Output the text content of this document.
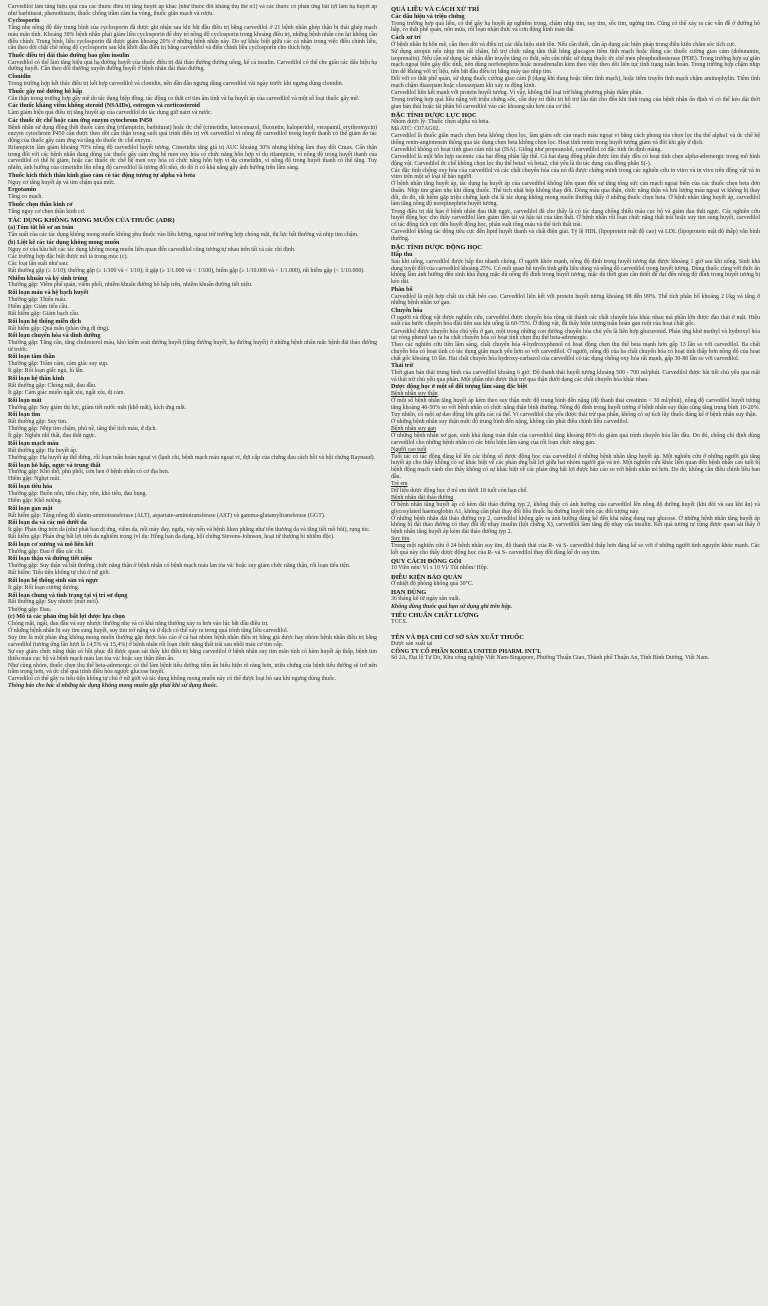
Carvedilol làm tăng hiệu quả của các thuốc điều trị tăng huyết áp khác (như thuốc đối kháng thụ thể α1) và các thuốc có phản ứng bất lợi làm hạ huyết áp như barbiturat, phenothiazin, thuốc chống trầm cảm ba vòng, thuốc giãn mạch và rượu.

Cyclosporin

Tăng nhẹ nồng độ đáy trung bình của cyclosporin đã được ghi nhận sau khi bắt đầu điều trị bằng carvedilol ở 21 bệnh nhân ghép thận bị thải ghép mạch máu mãn tính. Khoảng 30% bệnh nhân phải giảm liều cyclosporin để duy trì nồng độ cyclosporin trong khoảng điều trị, những bệnh nhân còn lại không cần điều chỉnh. Trung bình, liều cyclosporin đã được giảm khoảng 20% ở những bệnh nhân này. Do sự khác biệt giữa các cá nhân trong việc điều chỉnh liều, cần theo dõi chặt chẽ nồng độ cyclosporin sau khi khởi đầu điều trị bằng carvedilol và điều chỉnh liều cyclosporin cho thích hợp.

Thuốc điều trị đái tháo đường bao gồm insulin

Carvedilol có thể làm tăng hiệu quả hạ đường huyết của thuốc điều trị đái tháo đường đường uống, kể cả insulin. Carvedilol có thể che giấu các dấu hiệu hạ đường huyết. Cần theo dõi thường xuyên đường huyết ở bệnh nhân đái tháo đường.

Clonidin

Trong trường hợp kết thúc điều trị kết hợp carvedilol và clonidin, nên dần dần ngưng dùng carvedilol vài ngày trước khi ngưng dùng clonidin.

Thuốc gây mê đường hô hấp

Cẩn thận trong trường hợp gây mê do tác dụng hiệp đồng, tác động co thắt cơ tim âm tính và hạ huyết áp của carvedilol và một số loại thuốc gây mê.

Các thuốc kháng viêm không steroid (NSAIDs), estrogen và corticosteroid

Làm giảm hiệu quả điều trị tăng huyết áp của carvedilol do tác dụng giữ natri và nước.

Các thuốc ức chế hoặc cảm ứng enzym cytochrom P450

Bệnh nhân sử dụng đồng thời thuốc cảm ứng (rifampicin, barbiturat) hoặc ức chế (cimetidin, ketoconazol, fluoxetin, haloperidol, verapamil, erythromycin) enzym cytochrom P450 cần được theo dõi cẩn thận trong suốt quá trình điều trị với carvedilol vì nồng độ carvedilol trong huyết thanh có thể giảm do tác động của thuốc gây cảm ứng và tăng do thuốc ức chế enzym.

Rifampicin làm giảm khoảng 70% nồng độ carvedilol huyết tương. Cimetidin tăng giá trị AUC khoảng 30% nhưng không làm thay đổi Cmax. Cẩn thận trong đối với các bệnh nhân đang dùng các thuốc gây cảm ứng hệ men oxy hóa có chức năng hỗn hợp ví dụ rifampicin, vì nồng độ trong huyết thanh của carvedilol có thể bị giảm, hoặc các thuốc ức chế hệ men oxy hóa có chức năng hỗn hợp ví dụ cimetidin, vì nồng độ trong huyết thanh có thể tăng. Tuy nhiên, ảnh hưởng của cimetidin lên nồng độ carvedilol là tương đối nhỏ, do đó ít có khả năng gây ảnh hưởng trên lâm sàng.

Thuốc kích thích thần kinh giao cảm có tác động tương tự alpha và beta

Nguy cơ tăng huyết áp và tim chậm quá mức.

Ergotamin

Tăng co mạch.

Thuốc chẹn thần kinh cơ

Tăng nguy cơ chẹn thần kinh cơ.

TÁC DỤNG KHÔNG MONG MUỐN CỦA THUỐC (ADR)
(a) Tóm tắt hồ sơ an toàn

Tần suất của các tác dụng không mong muốn không phụ thuộc vào liều lượng, ngoại trừ trường hợp chóng mặt, thị lực bất thường và nhịp tim chậm.

(b) Liệt kê các tác dụng không mong muốn

Nguy cơ của hầu hết các tác dụng không mong muốn liên quan đến carvedilol cũng tương tự nhau trên tất cả các chỉ định.

Các trường hợp đặc biệt được mô tả trong mục (c).

Các loại tần suất như sau:

Rất thường gặp (≥ 1/10); thường gặp (≥ 1/100 và < 1/10); ít gặp (≥ 1/1.000 và < 1/100), hiếm gặp (≥ 1/10.000 và < 1/1.000), rất hiếm gặp (< 1/10.000).

Nhiễm khuẩn và ký sinh trùng

Thường gặp: Viêm phế quản, viêm phổi, nhiễm khuẩn đường hô hấp trên, nhiễm khuẩn đường tiết niệu.

Rối loạn máu và hệ bạch huyết

Thường gặp: Thiếu máu.

Hiếm gặp: Giảm tiểu cầu.

Rất hiếm gặp: Giảm bạch cầu.

Rối loạn hệ thống miễn dịch

Rất hiếm gặp: Quá mẫn (phản ứng dị ứng).

Rối loạn chuyển hóa và dinh dưỡng

Thường gặp: Tăng cân, tăng cholesterol máu, khó kiểm soát đường huyết (tăng đường huyết, hạ đường huyết) ở những bệnh nhân mắc bệnh đái tháo đường từ trước.

Rối loạn tâm thần

Thường gặp: Trầm cảm, cảm giác suy sụp.

Ít gặp: Rối loạn giấc ngủ, lú lẫn.

Rối loạn hệ thần kinh

Rất thường gặp: Chóng mặt, đau đầu.

Ít gặp: Cảm giác muốn ngất xỉu, ngất xỉu, dị cảm.

Rối loạn mắt

Thường gặp: Suy giảm thị lực, giảm tiết nước mắt (khô mắt), kích ứng mắt.

Rối loạn tim

Rất thường gặp: Suy tim.

Thường gặp: Nhịp tim chậm, phù nề, tăng thể tích máu, ứ dịch.

Ít gặp: Nghẽn nhĩ thất, đau thắt ngực.

Rối loạn mạch máu

Rất thường gặp: Hạ huyết áp.

Thường gặp: Hạ huyết áp thế đứng, rối loạn tuần hoàn ngoại vi (lạnh chi, bệnh mạch máu ngoại vi, đợt cấp của chứng đau cách hồi và hội chứng Raynaud).

Rối loạn hô hấp, ngực và trung thất

Thường gặp: Khó thở, phù phổi, cơn hen ở bệnh nhân có cơ địa hen.

Hiếm gặp: Nghẹt mũi.

Rối loạn tiêu hóa

Thường gặp: Buồn nôn, tiêu chảy, nôn, khó tiêu, đau bụng.

Hiếm gặp: Khô miệng.

Rối loạn gan mật

Rất hiếm gặp: Tăng nồng độ alanin-aminotransferase (ALT), aspartate-aminotransferase (AST) và gamma-glutamyltransferase (GGT).

Rối loạn da và các mô dưới da

Ít gặp: Phản ứng trên da (như phát ban dị ứng, viêm da, nổi mày đay, ngứa, vảy nến và bệnh liken phẳng như tổn thương da và tăng tiết mồ hôi), rụng tóc.

Rất hiếm gặp: Phản ứng bất lợi trên da nghiêm trọng (ví dụ: Hồng ban đa dạng, hội chứng Stevens-Johnson, hoại tử thượng bì nhiễm độc).

Rối loạn cơ xương và mô liên kết

Thường gặp: Đau ở đầu các chi.

Rối loạn thận và đường tiết niệu

Thường gặp: Suy thận và bất thường chức năng thận ở bệnh nhân có bệnh mạch máu lan tỏa và/ hoặc suy giảm chức năng thận, rối loạn tiểu tiện.

Rất hiếm: Tiểu tiện không tự chủ ở nữ giới.

Rối loạn hệ thống sinh sản và ngực

Ít gặp: Rối loạn cương dương.

Rối loạn chung và tình trạng tại vị trí sử dụng

Rất thường gặp: Suy nhược (mệt mỏi).

Thường gặp: Đau.

(c) Mô tả các phản ứng bất lợi được lựa chọn

Chóng mặt, ngất, đau đầu và suy nhược thường nhẹ và có khả năng thường xảy ra hơn vào lúc bắt đầu điều trị.

Ở những bệnh nhân bị suy tim sung huyết, suy tim trở nặng và ứ dịch có thể xảy ra trong quá trình tăng liều carvedilol.

Suy tim là một phản ứng không mong muốn thường gặp được báo cáo ở cả hai nhóm bệnh nhân điều trị bằng giả dược hay nhóm bệnh nhân điều trị bằng carvedilol (tương ứng lần lượt là 14,5% và 15,4%) ở bệnh nhân rối loạn chức năng thất trái sau nhồi máu cơ tim cấp.

Sự suy giảm chức năng thận có hồi phục đã được quan sát thấy khi điều trị bằng carvedilol ở bệnh nhân suy tim mãn tính có kèm huyết áp thấp, bệnh tim thiếu máu cục bộ và bệnh mạch máu lan tỏa và/ hoặc suy thận tiềm ẩn.

Như cùng nhóm, thuốc chẹn thụ thể beta-adrenergic có thể làm bệnh tiểu đường tiềm ẩn biểu hiện rõ ràng hơn, triệu chứng của bệnh tiểu đường sẽ trở nên trầm trọng hơn, và ức chế quá trình điều hòa ngược glucose huyết.

Carvedilol có thể gây ra tiểu tiện không tự chủ ở nữ giới và tác dụng không mong muốn này có thể được loại bỏ sau khi ngưng dùng thuốc.

Thông báo cho bác sĩ những tác dụng không mong muốn gặp phải khi sử dụng thuốc.

QUÁ LIỀU VÀ CÁCH XỬ TRÍ
Các dấu hiệu và triệu chứng

Trong trường hợp quá liều, có thể gây hạ huyết áp nghiêm trọng, chậm nhịp tim, suy tim, sốc tim, ngừng tim. Cũng có thể xảy ra các vấn đề ở đường hô hấp, co thắt phế quản, nôn mửa, rối loạn nhận thức và cơn động kinh toàn thể.

Cách xử trí

Ở bệnh nhân bị hôn mê, cần theo dõi và điều trị các dấu hiệu sinh tồn. Nếu cần thiết, cần áp dụng các biện pháp trong điều kiện chăm sóc tích cực.

Sử dụng atropin nếu nhịp tim rất chậm, hỗ trợ chức năng tâm thất bằng glucagon tiêm tĩnh mạch hoặc dùng các thuốc cường giao cảm (dobutamin, isoprenalin). Nếu cần sử dụng tác nhân dẫn truyền tăng co thắt, nên cân nhắc sử dụng thuốc ức chế men phosphodiesterase (PDE). Trong trường hợp sự giãn mạch ngoại biên gây độc tính, nên dùng norfenephrin hoặc noradrenalin kèm theo việc theo dõi liên tục tình trạng tuần hoàn. Trong trường hợp chậm nhịp tim dễ kháng với trị liệu, nên bắt đầu điều trị bằng máy tạo nhịp tim.

Đối với co thắt phế quản, sử dụng thuốc cường giao cảm β (dạng khí dung hoặc tiêm tĩnh mạch), hoặc tiêm truyền tĩnh mạch chậm aminophylin. Tiêm tĩnh mạch chậm diazepam hoặc clonazepam khi xảy ra động kinh.

Carvedilol liên kết mạnh với protein huyết tương. Vì vậy, không thể loại trừ bằng phương pháp thẩm phân.

Trong trường hợp quá liều nặng với triệu chứng sốc, cần duy trì điều trị hỗ trợ lâu dài cho đến khi tình trạng của bệnh nhân ổn định vì có thể kéo dài thời gian bán thải hoặc tái phân bố carvedilol vào các khoang sâu hơn của cơ thể.

ĐẶC TÍNH DƯỢC LỰC HỌC

Nhóm dược lý: Thuốc chẹn alpha và beta.

Mã ATC: C07AG02.

Carvedilol là thuốc giãn mạch chẹn beta không chọn lọc, làm giảm sức cản mạch máu ngoại vi bằng cách phong tỏa chọn lọc thụ thể alpha1 và ức chế hệ thống renin-angiotensin thông qua tác dụng chẹn beta không chọn lọc. Hoạt tính renin trong huyết tương giảm và đôi khi gây ứ dịch.

Carvedilol không có hoạt tính giao cảm nội tại (ISA). Giống như propranolol, carvedilol có đặc tính ổn định màng.

Carvedilol là một hỗn hợp racemic của hai đồng phân lập thể. Cả hai dạng đồng phân được tìm thấy đều có hoạt tính chẹn alpha-adrenergic trong mô hình động vật. Carvedilol ức chế không chọn lọc thụ thể beta1 và beta2, chủ yếu là do tác dụng của đồng phân S(-).

Các đặc tính chống oxy hóa của carvedilol và các chất chuyển hóa của nó đã được chứng minh trong các nghiên cứu in vitro và in vivo trên động vật và in vitro trên một số loại tế bào người.

Ở bệnh nhân tăng huyết áp, tác dụng hạ huyết áp của carvedilol không liên quan đến sự tăng tổng sức cản mạch ngoại biên của các thuốc chẹn beta đơn thuần. Nhịp tim giảm nhẹ khi dùng thuốc. Thể tích nhát bóp không thay đổi. Dòng máu qua thận, chức năng thận và lưu lượng máu ngoại vi không bị thay đổi, do đó, rất hiếm gặp triệu chứng lạnh chi là tác dụng không mong muốn thường thấy ở những thuốc chẹn beta. Ở bệnh nhân tăng huyết áp, carvedilol làm tăng nồng độ norepinephrin huyết tương.

Trong điều trị dài hạn ở bệnh nhân đau thắt ngực, carvedilol đã cho thấy là có tác dụng chống thiếu máu cục bộ và giảm đau thắt ngực. Các nghiên cứu huyết động học cho thấy carvedilol làm giảm tiền tải và hậu tải của tâm thất. Ở bệnh nhân rối loạn chức năng thất trái hoặc suy tim sung huyết, carvedilol có tác động tích cực đến huyết động học, phân suất tống máu và thể tích thất trái.

Carvedilol không tác động tiêu cực đến lipid huyết thanh và chất điện giải. Tỷ lệ HDL (lipoprotein mật độ cao) và LDL (lipoprotein mật độ thấp) vẫn bình thường.

ĐẶC TÍNH DƯỢC ĐỘNG HỌC
Hấp thu

Sau khi uống, carvedilol được hấp thu nhanh chóng. Ở người khỏe mạnh, nồng độ đỉnh trong huyết tương đạt được khoảng 1 giờ sau khi uống. Sinh khả dụng tuyệt đối của carvedilol khoảng 25%. Có mối quan hệ tuyến tính giữa liều dùng và nồng độ carvedilol trong huyết tương. Dùng thuốc cùng với thức ăn không làm ảnh hưởng đến sinh khả dụng mặc dù nồng độ đỉnh trong huyết tương, mặc dù thời gian cần thiết để đạt đến nồng độ đỉnh trong huyết tương bị kéo dài.

Phân bố

Carvedilol là một hợp chất ưa chất béo cao. Carvedilol liên kết với protein huyết tương khoảng 98 đến 99%. Thể tích phân bố khoảng 2 l/kg và tăng ở những bệnh nhân xơ gan.

Chuyển hóa

Ở người và động vật được nghiên cứu, carvedilol được chuyển hóa rộng rãi thành các chất chuyển hóa khác nhau mà phần lớn được đào thải ở mật. Hiệu suất của bước chuyển hóa đầu tiên sau khi uống là 60-75%. Ở động vật, đã thấy hiện tượng tuần hoàn gan ruột của hoạt chất gốc.

Carvedilol được chuyển hóa chủ yếu ở gan, một trong những con đường chuyển hóa chủ yếu là liên hợp glucuronid. Phản ứng khử methyl và hydroxyl hóa tại vòng phenol tạo ra ba chất chuyển hóa có hoạt tính chẹn thụ thể beta-adrenergic.

Theo các nghiên cứu tiền lâm sàng, chất chuyển hóa 4-hydroxyphenol có hoạt động chẹn thụ thể beta mạnh hơn gấp 13 lần so với carvedilol. Ba chất chuyển hóa có hoạt tính có tác dụng giãn mạch yếu hơn so với carvedilol. Ở người, nồng độ của ba chất chuyển hóa có hoạt tính thấp hơn nồng độ của hoạt chất gốc khoảng 10 lần. Hai chất chuyển hóa hydroxy-carbazol của carvedilol có tác dụng chống oxy hóa rất mạnh, gấp 30-80 lần so với carvedilol.

Thải trừ

Thời gian bán thải trung bình của carvedilol khoảng 6 giờ. Độ thanh thải huyết tương khoảng 500 - 700 ml/phút. Carvedilol được bài tiết chủ yếu qua mật và thải trừ chủ yếu qua phân. Một phần nhỏ được thải trừ qua thận dưới dạng các chất chuyển hóa khác nhau.

Dược động học ở một số đối tượng lâm sàng đặc biệt

Bệnh nhân suy thận

Ở một số bệnh nhân tăng huyết áp kèm theo suy thận mức độ trung bình đến nặng (độ thanh thải creatinin < 30 ml/phút), nồng độ carvedilol huyết tương tăng khoảng 40-50% so với bệnh nhân có chức năng thận bình thường. Nồng độ đỉnh trong huyết tương ở bệnh nhân suy thận cũng tăng trung bình 10-20%. Tuy nhiên, có một sự dao động lớn giữa các cá thể. Vì carvedilol chủ yếu được thải trừ qua phân, không có sự tích lũy thuốc đáng kể ở bệnh nhân suy thận.

Ở những bệnh nhân suy thận mức độ trung bình đến nặng, không cần phải điều chỉnh liều carvedilol.

Bệnh nhân suy gan

Ở những bệnh nhân xơ gan, sinh khả dụng toàn thân của carvedilol tăng khoảng 80% do giảm quá trình chuyển hóa lần đầu. Do đó, chống chỉ định dùng carvedilol cho những bệnh nhân có các biểu hiện lâm sàng của rối loạn chức năng gan.

Người cao tuổi

Tuổi tác có tác động đáng kể lên các thông số dược động học của carvedilol ở những bệnh nhân tăng huyết áp. Một nghiên cứu ở những người già tăng huyết áp cho thấy không có sự khác biệt về các phản ứng bất lợi giữa hai nhóm người già và trẻ. Một nghiên cứu khác liên quan đến bệnh nhân cao tuổi bị bệnh động mạch vành cho thấy không có sự khác biệt về các phản ứng bất lợi được báo cáo so với bệnh nhân trẻ hơn. Do đó, không cần điều chỉnh liều ban đầu.

Trẻ em

Dữ liệu dược động học ở trẻ em dưới 18 tuổi còn hạn chế.

Bệnh nhân đái tháo đường

Ở bệnh nhân tăng huyết áp có kèm đái tháo đường typ 2, không thấy có ảnh hưởng của carvedilol lên nồng độ đường huyết (khi đói và sau khi ăn) và glycosylated haemoglobin A1, không cần phải thay đổi liều thuốc hạ đường huyết trên các đối tượng này.

Ở những bệnh nhân đái tháo đường typ 2, carvedilol không gây ra ảnh hưởng đáng kể đến khả năng dung nạp glucose. Ở những bệnh nhân tăng huyết áp không bị đái tháo đường có thay đổi độ nhạy insulin (hội chứng X), carvedilol làm tăng độ nhạy của insulin. Kết quả tương tự cũng được quan sát thấy ở bệnh nhân tăng huyết áp kèm đái tháo đường typ 2.

Suy tim

Trong một nghiên cứu ở 24 bệnh nhân suy tim, độ thanh thải của R- và S- carvedilol thấp hơn đáng kể so với ở những người tình nguyện khỏe mạnh. Các kết quả này cho thấy dược động học của R- và S- carvedilol thay đổi đáng kể do suy tim.

QUY CÁCH ĐÓNG GÓI

10 Viên nén/ Vỉ x 10 Vỉ/ Túi nhôm/ Hộp.

ĐIỀU KIỆN BẢO QUẢN

Ở nhiệt độ phòng không quá 30°C.

HẠN DÙNG

36 tháng kể từ ngày sản xuất.

Không dùng thuốc quá hạn sử dụng ghi trên hộp.

TIÊU CHUẨN CHẤT LƯỢNG

TCCS.

TÊN VÀ ĐỊA CHỈ CƠ SỞ SẢN XUẤT THUỐC

Được sản xuất tại

CÔNG TY CỔ PHẦN KOREA UNITED PHARM. INT'L

Số 2A, Đại lộ Tự Do, Khu công nghiệp Việt Nam-Singapore, Phường Thuận Giao, Thành phố Thuận An, Tỉnh Bình Dương, Việt Nam.
